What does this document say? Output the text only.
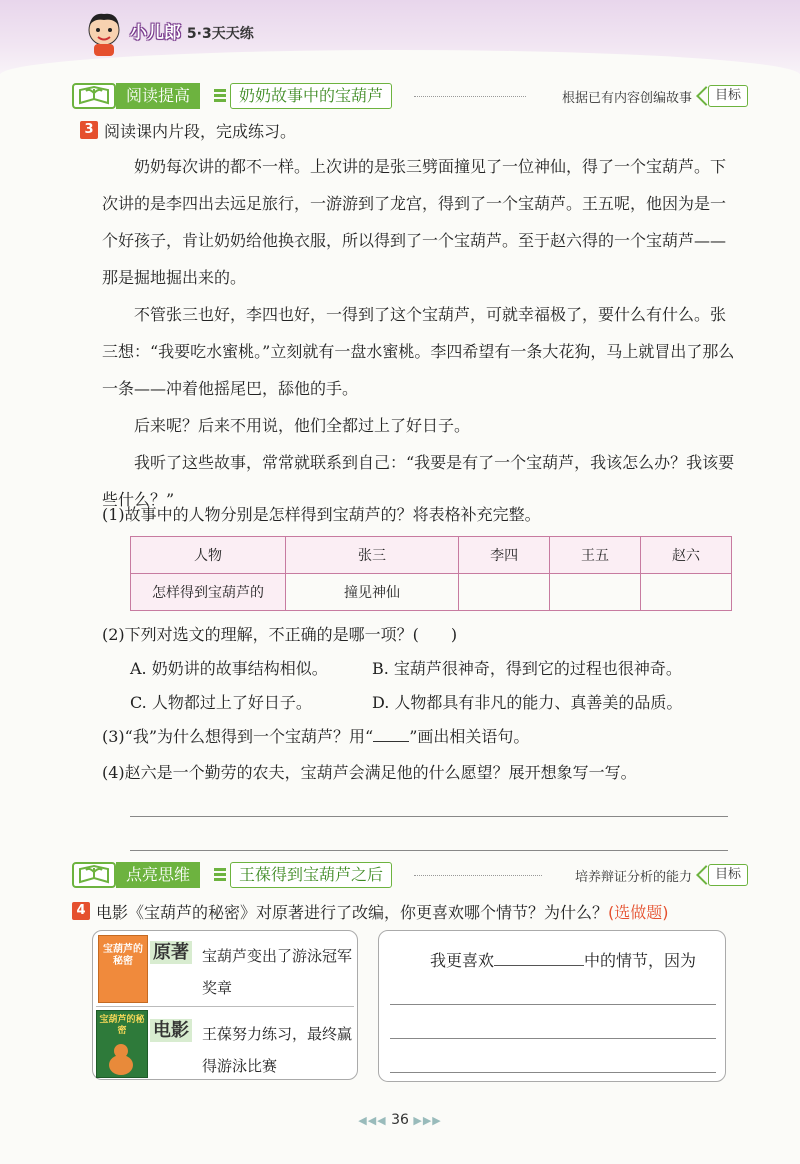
小儿郎 5·3天天练
阅读提高	奶奶故事中的宝葫芦	根据已有内容创编故事	目标
3 阅读课内片段，完成练习。

奶奶每次讲的都不一样。上次讲的是张三劈面撞见了一位神仙，得了一个宝葫芦。下次讲的是李四出去远足旅行，一游游到了龙宫，得到了一个宝葫芦。王五呢，他因为是一个好孩子，肯让奶奶给他换衣服，所以得到了一个宝葫芦。至于赵六得的一个宝葫芦——那是掘地掘出来的。

不管张三也好，李四也好，一得到了这个宝葫芦，可就幸福极了，要什么有什么。张三想：“我要吃水蜜桃。”立刻就有一盘水蜜桃。李四希望有一条大花狗，马上就冒出了那么一条——冲着他摇尾巴，舔他的手。

后来呢？后来不用说，他们全都过上了好日子。

我听了这些故事，常常就联系到自己：“我要是有了一个宝葫芦，我该怎么办？我该要些什么？”

(1)故事中的人物分别是怎样得到宝葫芦的？将表格补充完整。
人物	张三	李四	王五	赵六
怎样得到宝葫芦的	撞见神仙			
(2)下列对选文的理解，不正确的是哪一项？(　　)
A. 奶奶讲的故事结构相似。	B. 宝葫芦很神奇，得到它的过程也很神奇。
C. 人物都过上了好日子。	D. 人物都具有非凡的能力、真善美的品质。
(3)“我”为什么想得到一个宝葫芦？用“ ”画出相关语句。
(4)赵六是一个勤劳的农夫，宝葫芦会满足他的什么愿望？展开想象写一写。
点亮思维	王葆得到宝葫芦之后	培养辩证分析的能力	目标
4 电影《宝葫芦的秘密》对原著进行了改编，你更喜欢哪个情节？为什么？(选做题)
宝葫芦的秘密	原著 宝葫芦变出了游泳冠军奖章
宝葫芦的秘密	电影 王葆努力练习，最终赢得游泳比赛
我更喜欢	中的情节，因为
◀◀◀ 36 ▶▶▶
